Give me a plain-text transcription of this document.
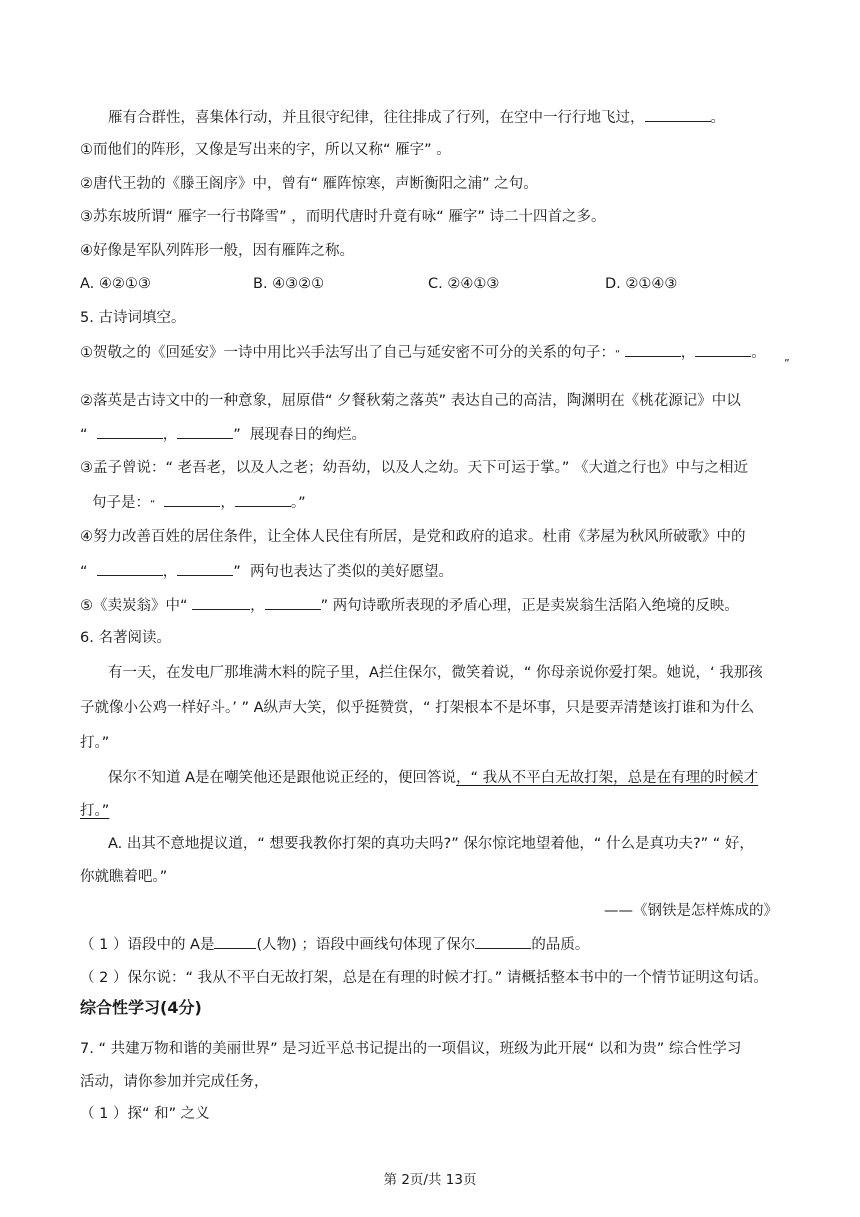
雁有合群性，喜集体行动，并且很守纪律，往往排成了行列，在空中一行行地飞过，	。
①而他们的阵形，又像是写出来的字，所以又称“ 雁字” 。
②唐代王勃的《滕王阁序》中，曾有“ 雁阵惊寒，声断衡阳之浦” 之句。
③苏东坡所谓“ 雁字一行书降雪” ，而明代唐时升竟有咏“ 雁字” 诗二十四首之多。
④好像是军队列阵形一般，因有雁阵之称。
A. ④②①③	B. ④③②①	C. ②④①③	D. ②①④③
5. 古诗词填空。
①贺敬之的《回延安》一诗中用比兴手法写出了自己与延安密不可分的关系的句子：“	，	。
”
②落英是古诗文中的一种意象，屈原借“ 夕餐秋菊之落英” 表达自己的高洁，陶渊明在《桃花源记》中以
“	，	” 展现春日的绚烂。
③孟子曾说：“ 老吾老，以及人之老；幼吾幼，以及人之幼。天下可运于掌。” 《大道之行也》中与之相近
句子是：“	，	。”
④努力改善百姓的居住条件，让全体人民住有所居，是党和政府的追求。杜甫《茅屋为秋风所破歌》中的
“	，	” 两句也表达了类似的美好愿望。
⑤《卖炭翁》中“	，	” 两句诗歌所表现的矛盾心理，正是卖炭翁生活陷入绝境的反映。
6. 名著阅读。
有一天，在发电厂那堆满木料的院子里，A拦住保尔，微笑着说，“ 你母亲说你爱打架。她说，‘ 我那孩
子就像小公鸡一样好斗。’ ” A纵声大笑，似乎挺赞赏，“ 打架根本不是坏事，只是要弄清楚该打谁和为什么
打。”
保尔不知道 A是在嘲笑他还是跟他说正经的，便回答说，“ 我从不平白无故打架，总是在有理的时候才
打。”
A. 出其不意地提议道，“ 想要我教你打架的真功夫吗?” 保尔惊诧地望着他，“ 什么是真功夫?” “ 好，
你就瞧着吧。”
——《钢铁是怎样炼成的》
（ 1 ）语段中的 A是	(人物) ；语段中画线句体现了保尔	的品质。
（ 2 ）保尔说：“ 我从不平白无故打架，总是在有理的时候才打。” 请概括整本书中的一个情节证明这句话。
综合性学习(4分)
7. “ 共建万物和谐的美丽世界” 是习近平总书记提出的一项倡议，班级为此开展“ 以和为贵” 综合性学习
活动，请你参加并完成任务，
（ 1 ）探“ 和” 之义
第 2页/共 13页
